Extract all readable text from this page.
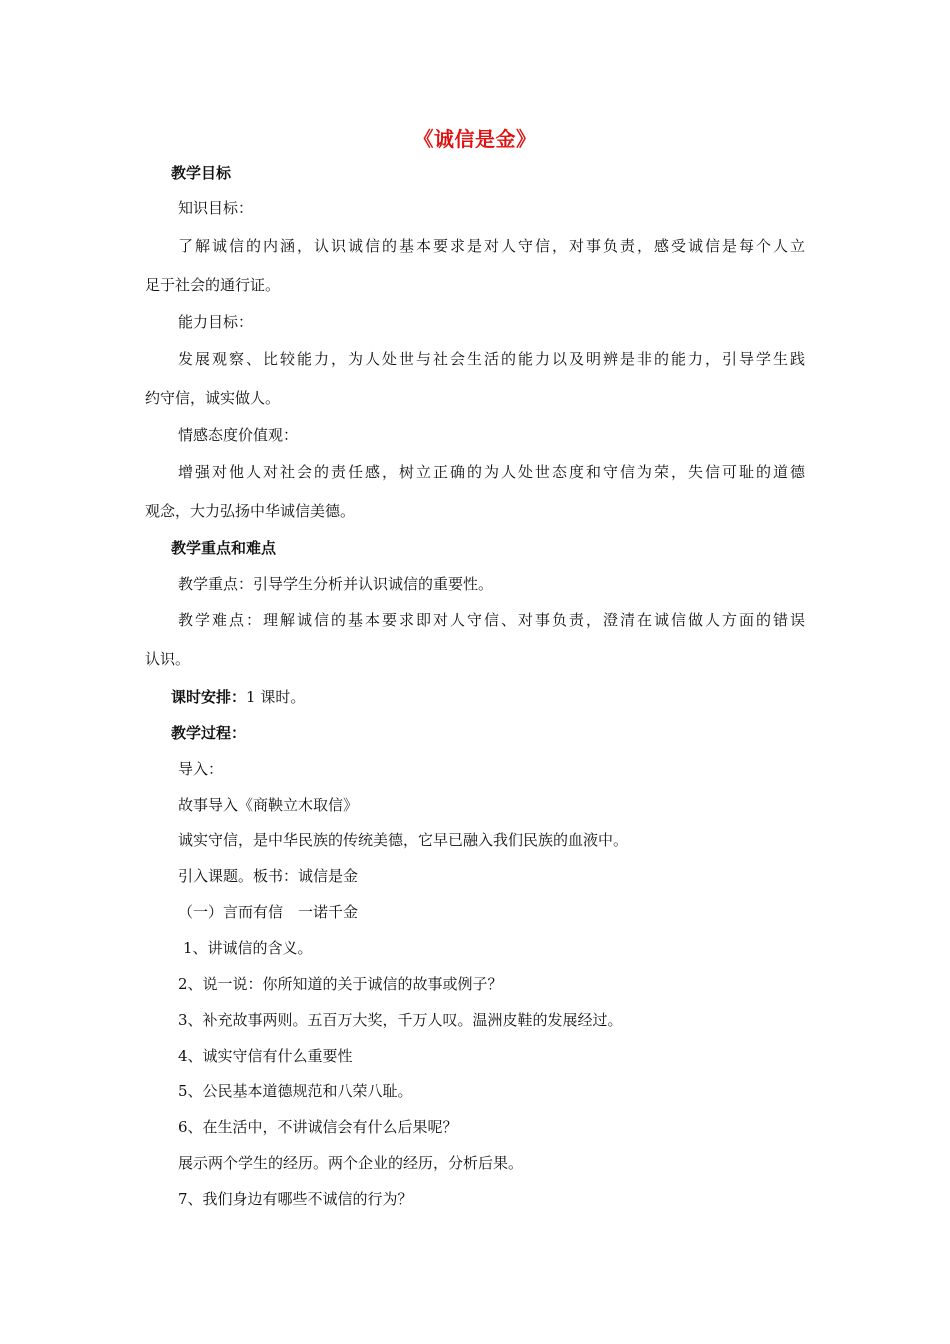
《诚信是金》
教学目标
知识目标：
了解诚信的内涵，认识诚信的基本要求是对人守信，对事负责，感受诚信是每个人立
足于社会的通行证。
能力目标：
发展观察、比较能力，为人处世与社会生活的能力以及明辨是非的能力，引导学生践
约守信，诚实做人。
情感态度价值观：
增强对他人对社会的责任感，树立正确的为人处世态度和守信为荣，失信可耻的道德
观念，大力弘扬中华诚信美德。
教学重点和难点
教学重点：引导学生分析并认识诚信的重要性。
教学难点：理解诚信的基本要求即对人守信、对事负责，澄清在诚信做人方面的错误
认识。
课时安排：1 课时。
教学过程：
导入：
故事导入《商鞅立木取信》
诚实守信，是中华民族的传统美德，它早已融入我们民族的血液中。
引入课题。板书：诚信是金
（一）言而有信　一诺千金
1、讲诚信的含义。
2、说一说：你所知道的关于诚信的故事或例子？
3、补充故事两则。五百万大奖，千万人叹。温洲皮鞋的发展经过。
4、诚实守信有什么重要性
5、公民基本道德规范和八荣八耻。
6、在生活中，不讲诚信会有什么后果呢？
展示两个学生的经历。两个企业的经历，分析后果。
7、我们身边有哪些不诚信的行为？
